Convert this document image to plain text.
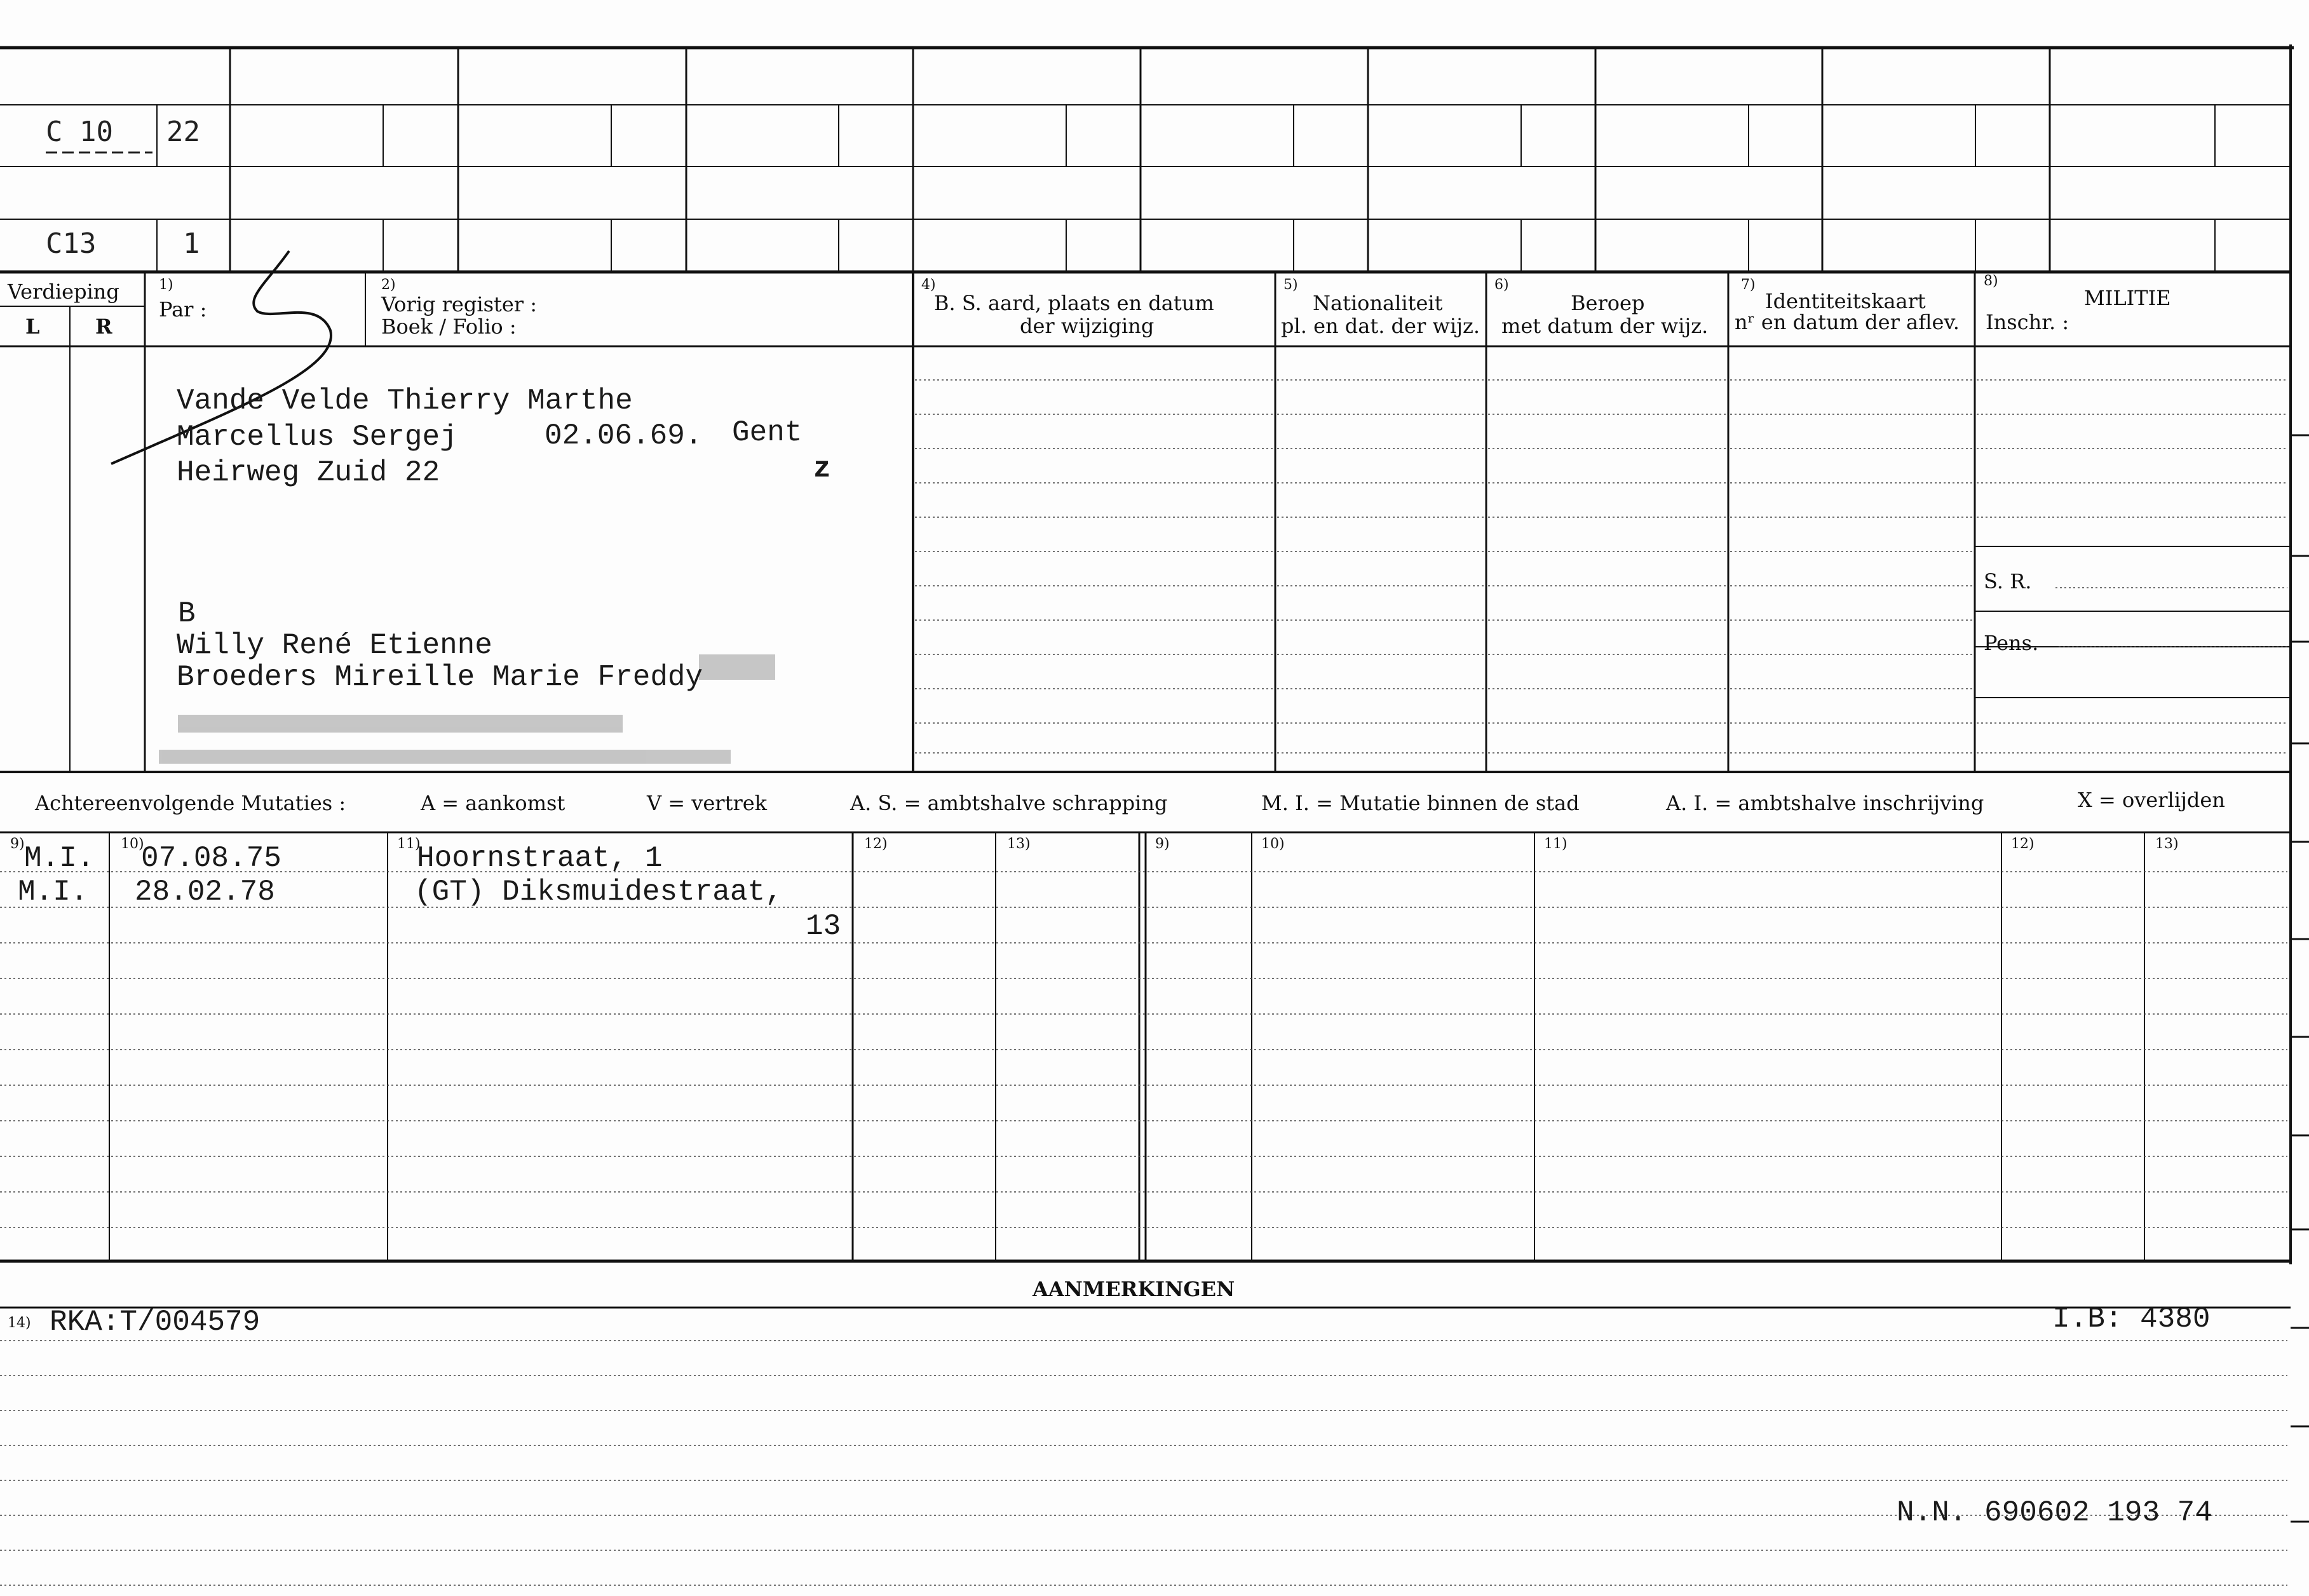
C 10 22
C13	1
Verdieping
L	R
1)
Par :
2)
Vorig register :
Boek / Folio :
4)
B. S. aard, plaats en datum
der wijziging
5)
Nationaliteit
pl. en dat. der wijz.
6)
Beroep
met datum der wijz.
7)
Identiteitskaart
nʳ en datum der aflev.
8)
MILITIE
Inschr. :
S. R.
Pens.
Vande Velde Thierry Marthe
Marcellus Sergej	02.06.69. Gent
Heirweg Zuid 22	z
B
Willy René Etienne
Broeders Mireille Marie Freddy
Achtereenvolgende Mutaties :	A = aankomst	V = vertrek	A. S. = ambtshalve schrapping	M. I. = Mutatie binnen de stad	A. I. = ambtshalve inschrijving	X = overlijden
9)	10)	11)	12)	13)	9)	10)	11)	12)	13)
M.I. 07.08.75	Hoornstraat, 1
M.I. 28.02.78	(GT) Diksmuidestraat,
13
AANMERKINGEN
14) RKA:T/004579	I.B: 4380
N.N. 690602 193 74
